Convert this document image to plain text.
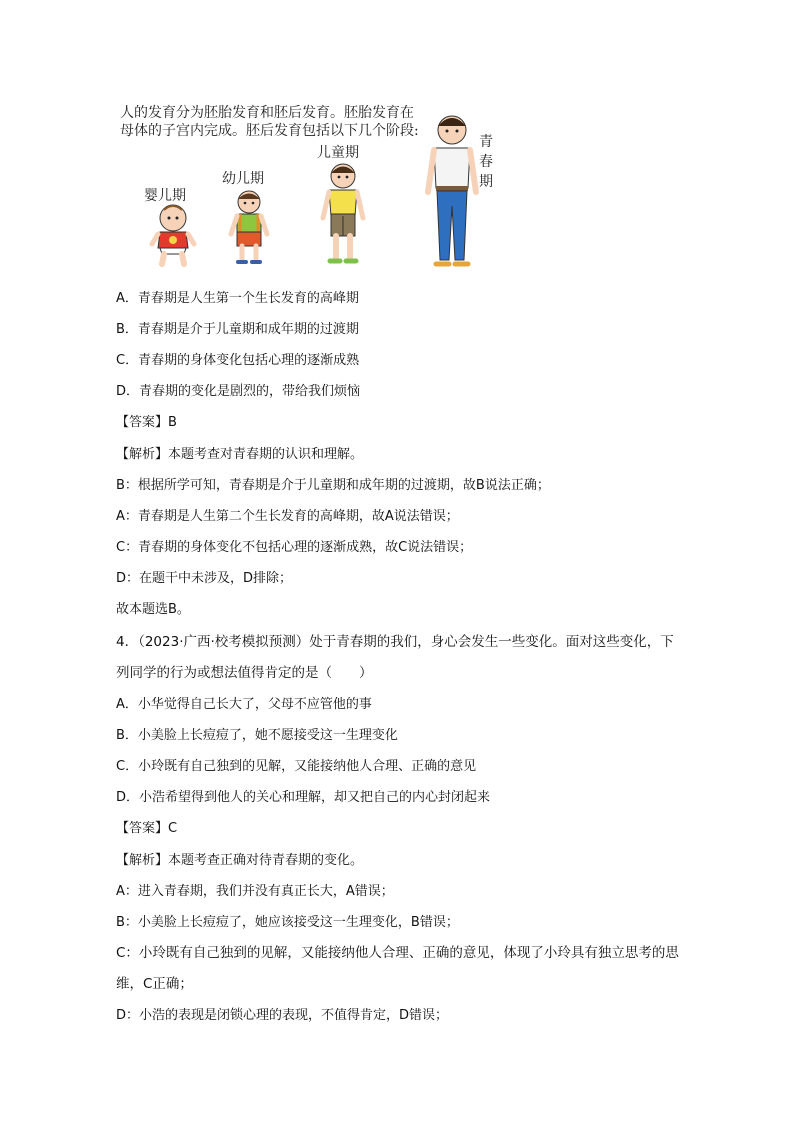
人的发育分为胚胎发育和胚后发育。胚胎发育在
母体的子宫内完成。胚后发育包括以下几个阶段:
婴儿期
幼儿期
儿童期
青春期
A．青春期是人生第一个生长发育的高峰期
B．青春期是介于儿童期和成年期的过渡期
C．青春期的身体变化包括心理的逐渐成熟
D．青春期的变化是剧烈的，带给我们烦恼
【答案】B
【解析】本题考查对青春期的认识和理解。
B：根据所学可知，青春期是介于儿童期和成年期的过渡期，故B说法正确；
A：青春期是人生第二个生长发育的高峰期，故A说法错误；
C：青春期的身体变化不包括心理的逐渐成熟，故C说法错误；
D：在题干中未涉及，D排除；
故本题选B。
4．（2023·广西·校考模拟预测）处于青春期的我们，身心会发生一些变化。面对这些变化，下列同学的行为或想法值得肯定的是（　　）
A．小华觉得自己长大了，父母不应管他的事
B．小美脸上长痘痘了，她不愿接受这一生理变化
C．小玲既有自己独到的见解，又能接纳他人合理、正确的意见
D．小浩希望得到他人的关心和理解，却又把自己的内心封闭起来
【答案】C
【解析】本题考查正确对待青春期的变化。
A：进入青春期，我们并没有真正长大，A错误；
B：小美脸上长痘痘了，她应该接受这一生理变化，B错误；
C：小玲既有自己独到的见解，又能接纳他人合理、正确的意见，体现了小玲具有独立思考的思维，C正确；
D：小浩的表现是闭锁心理的表现，不值得肯定，D错误；
